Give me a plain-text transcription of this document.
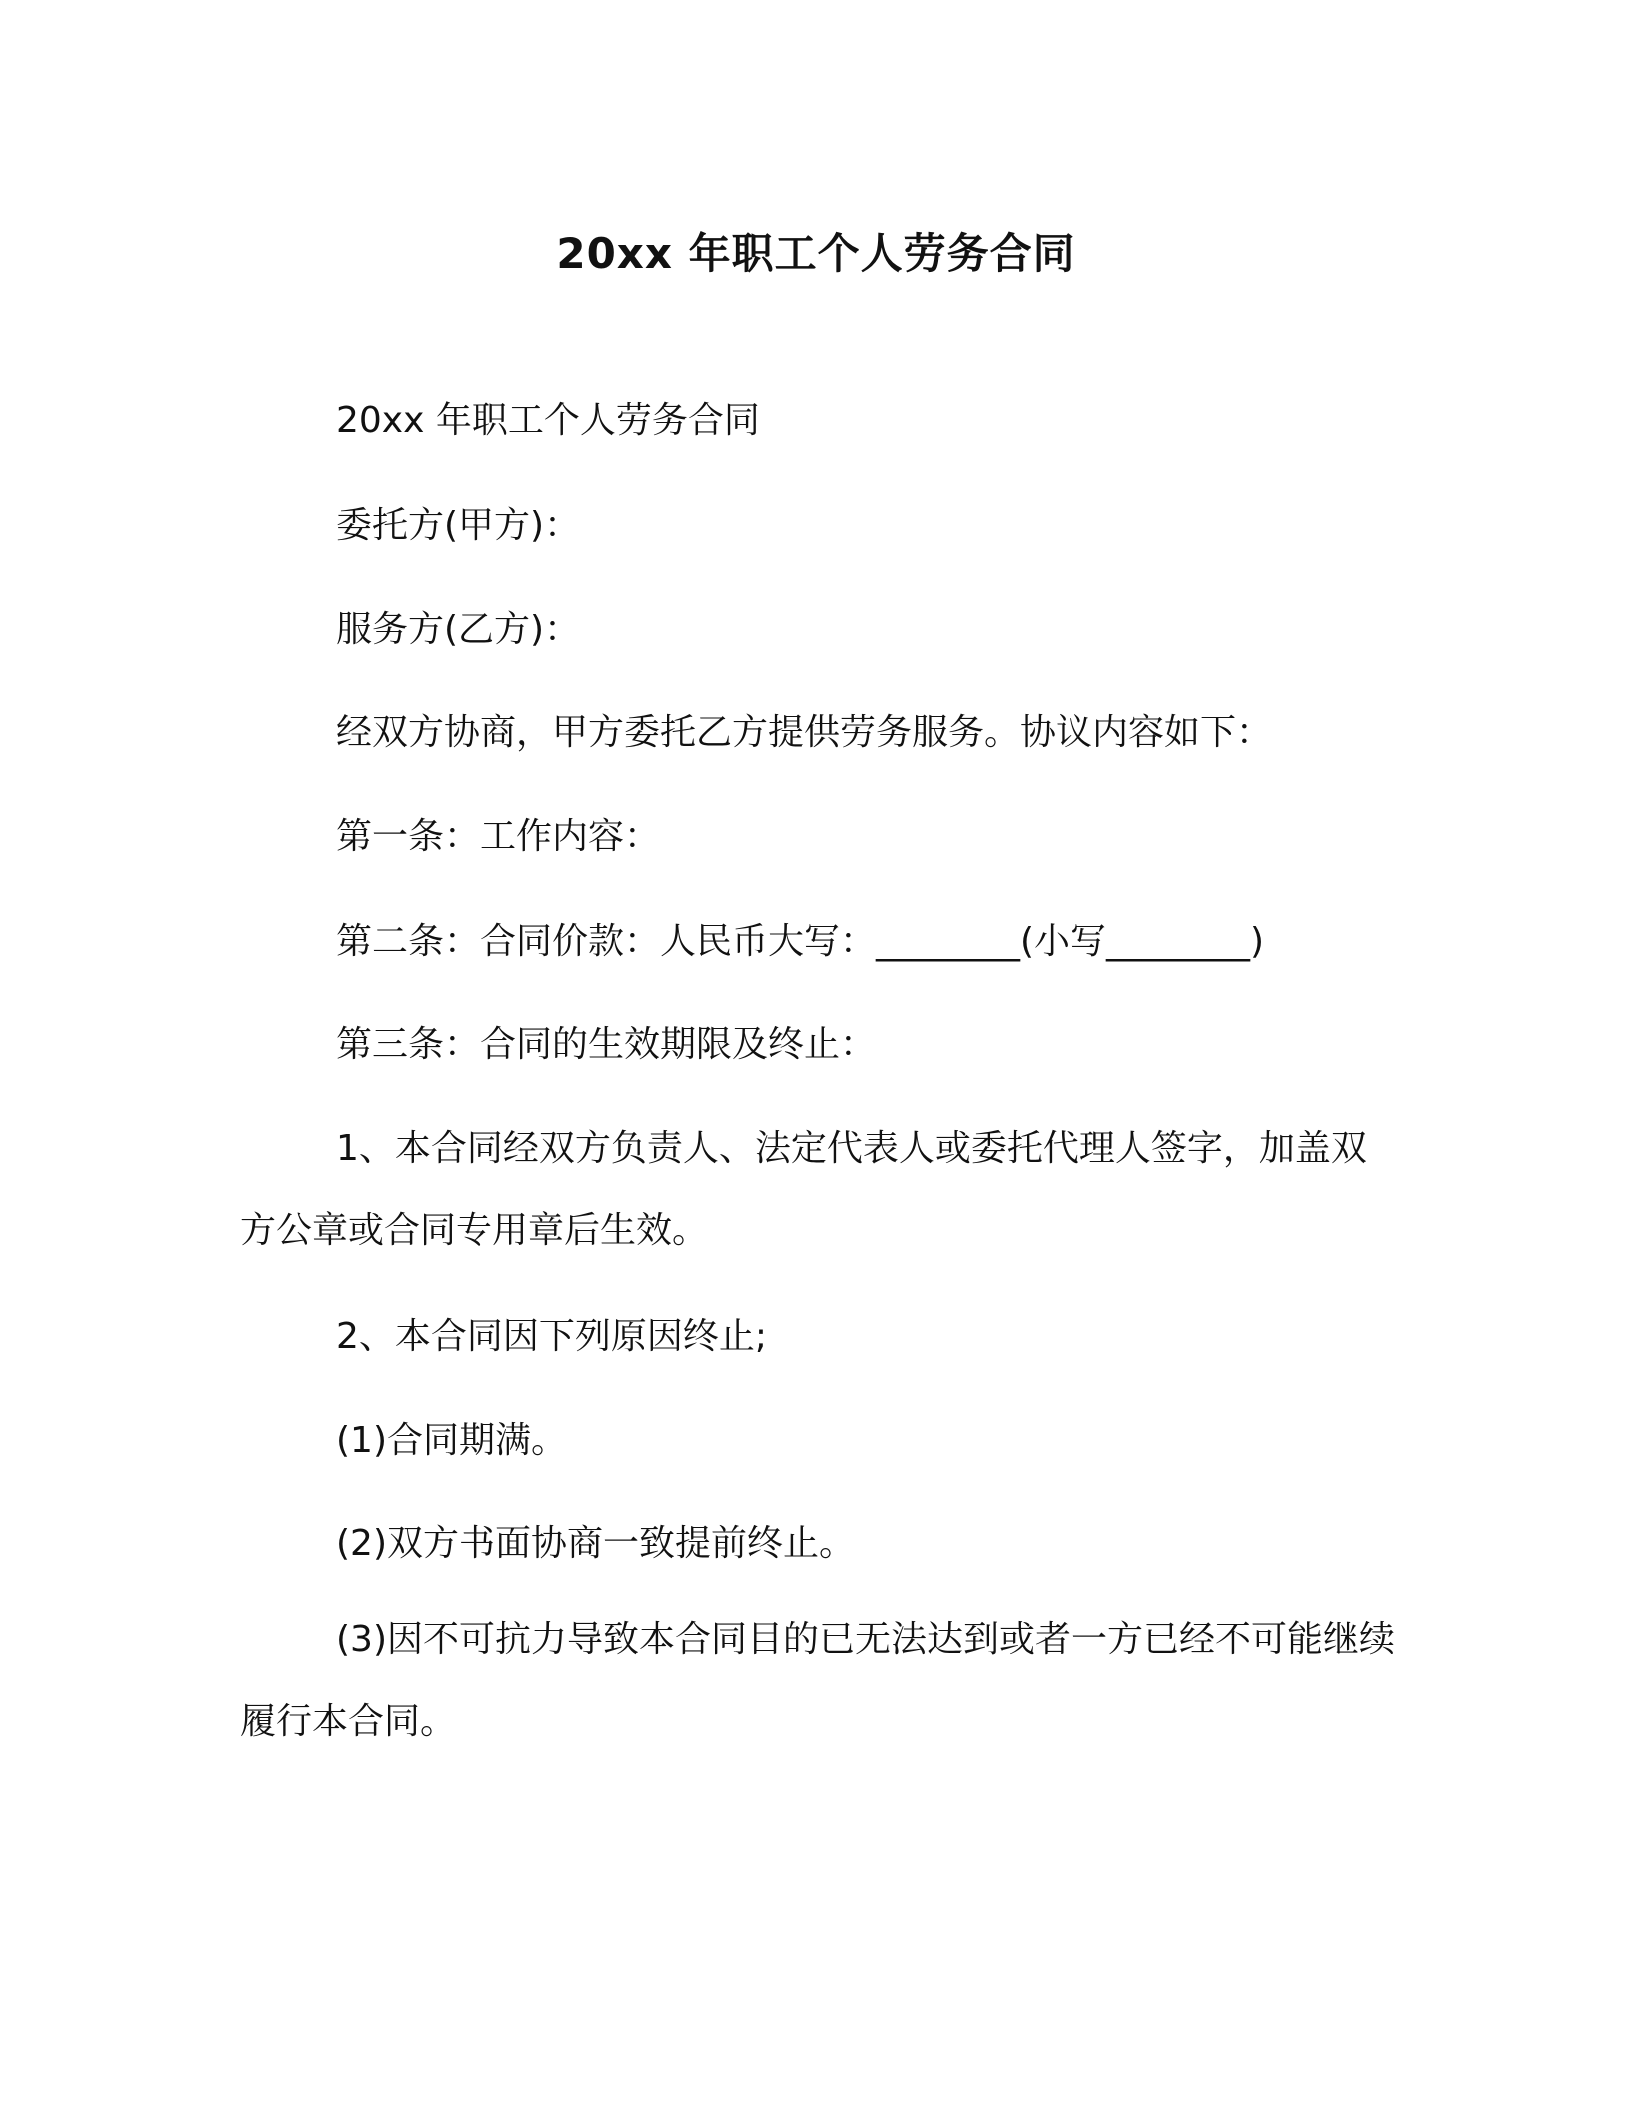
20xx 年职工个人劳务合同
20xx 年职工个人劳务合同
委托方(甲方)：
服务方(乙方)：
经双方协商，甲方委托乙方提供劳务服务。协议内容如下：
第一条：工作内容：
第二条：合同价款：人民币大写：________(小写________)
第三条：合同的生效期限及终止：
1、本合同经双方负责人、法定代表人或委托代理人签字，加盖双方公章或合同专用章后生效。
2、本合同因下列原因终止;
(1)合同期满。
(2)双方书面协商一致提前终止。
(3)因不可抗力导致本合同目的已无法达到或者一方已经不可能继续履行本合同。
